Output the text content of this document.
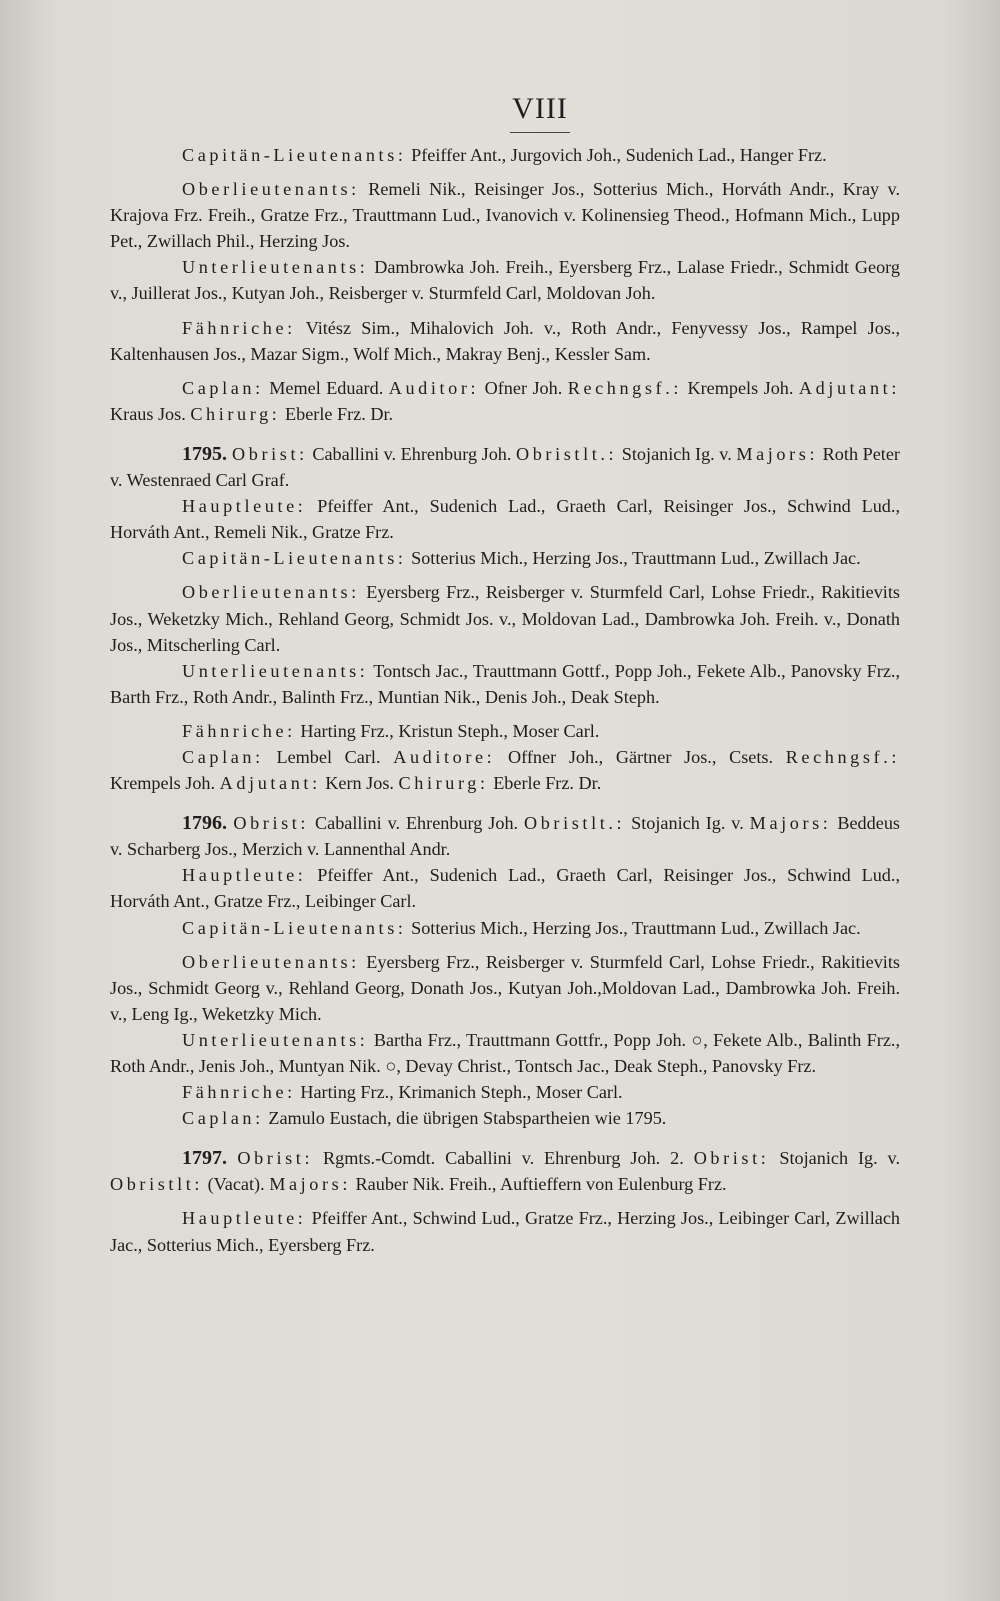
VIII

Capitän-Lieutenants: Pfeiffer Ant., Jurgovich Joh., Sudenich Lad., Hanger Frz.

Oberlieutenants: Remeli Nik., Reisinger Jos., Sotterius Mich., Horváth Andr., Kray v. Krajova Frz. Freih., Gratze Frz., Trauttmann Lud., Ivanovich v. Kolinensieg Theod., Hofmann Mich., Lupp Pet., Zwillach Phil., Herzing Jos.

Unterlieutenants: Dambrowka Joh. Freih., Eyersberg Frz., Lalase Friedr., Schmidt Georg v., Juillerat Jos., Kutyan Joh., Reisberger v. Sturmfeld Carl, Moldovan Joh.

Fähnriche: Vitész Sim., Mihalovich Joh. v., Roth Andr., Fenyvessy Jos., Rampel Jos., Kaltenhausen Jos., Mazar Sigm., Wolf Mich., Makray Benj., Kessler Sam.

Caplan: Memel Eduard. Auditor: Ofner Joh. Rechngsf.: Krempels Joh. Adjutant: Kraus Jos. Chirurg: Eberle Frz. Dr.

1795. Obrist: Caballini v. Ehrenburg Joh. Obristlt.: Stojanich Ig. v. Majors: Roth Peter v. Westenraed Carl Graf.

Hauptleute: Pfeiffer Ant., Sudenich Lad., Graeth Carl, Reisinger Jos., Schwind Lud., Horváth Ant., Remeli Nik., Gratze Frz.

Capitän-Lieutenants: Sotterius Mich., Herzing Jos., Trauttmann Lud., Zwillach Jac.

Oberlieutenants: Eyersberg Frz., Reisberger v. Sturmfeld Carl, Lohse Friedr., Rakitievits Jos., Weketzky Mich., Rehland Georg, Schmidt Jos. v., Moldovan Lad., Dambrowka Joh. Freih. v., Donath Jos., Mitscherling Carl.

Unterlieutenants: Tontsch Jac., Trauttmann Gottf., Popp Joh., Fekete Alb., Panovsky Frz., Barth Frz., Roth Andr., Balinth Frz., Muntian Nik., Denis Joh., Deak Steph.

Fähnriche: Harting Frz., Kristun Steph., Moser Carl.

Caplan: Lembel Carl. Auditore: Offner Joh., Gärtner Jos., Csets. Rechngsf.: Krempels Joh. Adjutant: Kern Jos. Chirurg: Eberle Frz. Dr.

1796. Obrist: Caballini v. Ehrenburg Joh. Obristlt.: Stojanich Ig. v. Majors: Beddeus v. Scharberg Jos., Merzich v. Lannenthal Andr.

Hauptleute: Pfeiffer Ant., Sudenich Lad., Graeth Carl, Reisinger Jos., Schwind Lud., Horváth Ant., Gratze Frz., Leibinger Carl.

Capitän-Lieutenants: Sotterius Mich., Herzing Jos., Trauttmann Lud., Zwillach Jac.

Oberlieutenants: Eyersberg Frz., Reisberger v. Sturmfeld Carl, Lohse Friedr., Rakitievits Jos., Schmidt Georg v., Rehland Georg, Donath Jos., Kutyan Joh.,Moldovan Lad., Dambrowka Joh. Freih. v., Leng Ig., Weketzky Mich.

Unterlieutenants: Bartha Frz., Trauttmann Gottfr., Popp Joh. ○, Fekete Alb., Balinth Frz., Roth Andr., Jenis Joh., Muntyan Nik. ○, Devay Christ., Tontsch Jac., Deak Steph., Panovsky Frz.

Fähnriche: Harting Frz., Krimanich Steph., Moser Carl.

Caplan: Zamulo Eustach, die übrigen Stabspartheien wie 1795.

1797. Obrist: Rgmts.-Comdt. Caballini v. Ehrenburg Joh. 2. Obrist: Stojanich Ig. v. Obristlt: (Vacat). Majors: Rauber Nik. Freih., Auftieffern von Eulenburg Frz.

Hauptleute: Pfeiffer Ant., Schwind Lud., Gratze Frz., Herzing Jos., Leibinger Carl, Zwillach Jac., Sotterius Mich., Eyersberg Frz.
